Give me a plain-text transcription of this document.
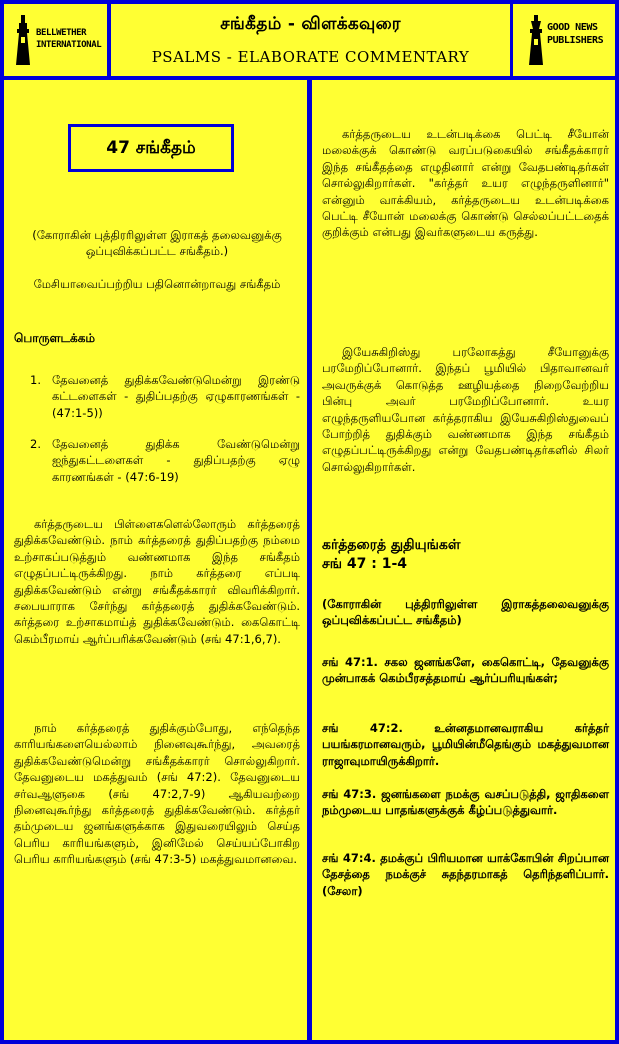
BELLWETHER
INTERNATIONAL
சங்கீதம் - விளக்கவுரை
PSALMS - ELABORATE COMMENTARY
GOOD NEWS
PUBLISHERS
47 சங்கீதம்
(கோராகின் புத்திரரிலுள்ள இராகத் தலைவனுக்கு ஒப்புவிக்கப்பட்ட சங்கீதம்.)
மேசியாவைப்பற்றிய பதினொன்றாவது சங்கீதம்
பொருளடக்கம்
1. தேவனைத் துதிக்கவேண்டுமென்று இரண்டு கட்டளைகள் - துதிப்பதற்கு ஏழுகாரணங்கள் - (47:1-5))
2. தேவனைத் துதிக்க வேண்டுமென்று ஐந்துகட்டளைகள் - துதிப்பதற்கு ஏழு காரணங்கள் - (47:6-19)
கர்த்தருடைய பிள்ளைகளெல்லோரும் கர்த்தரைத் துதிக்கவேண்டும். நாம் கர்த்தரைத் துதிப்பதற்கு நம்மை உற்சாகப்படுத்தும் வண்ணமாக இந்த சங்கீதம் எழுதப்பட்டிருக்கிறது. நாம் கர்த்தரை எப்படி துதிக்கவேண்டும் என்று சங்கீதக்காரர் விவரிக்கிறார். சபையாராக சேர்ந்து கர்த்தரைத் துதிக்கவேண்டும். கர்த்தரை உற்சாகமாய்த் துதிக்கவேண்டும். கைகொட்டி கெம்பீரமாய் ஆர்ப்பரிக்கவேண்டும் (சங் 47:1,6,7).
நாம் கர்த்தரைத் துதிக்கும்போது, எந்தெந்த காரியங்களையெல்லாம் நினைவுகூர்ந்து, அவரைத் துதிக்கவேண்டுமென்று சங்கீதக்காரர் சொல்லுகிறார். தேவனுடைய மகத்துவம் (சங் 47:2). தேவனுடைய சர்வஆளுகை (சங் 47:2,7-9) ஆகியவற்றை நினைவுகூர்ந்து கர்த்தரைத் துதிக்கவேண்டும். கர்த்தர் தம்முடைய ஜனங்களுக்காக இதுவரையிலும் செய்த பெரிய காரியங்களும், இனிமேல் செய்யப்போகிற பெரிய காரியங்களும் (சங் 47:3-5) மகத்துவமானவை.
கர்த்தருடைய உடன்படிக்கை பெட்டி சீயோன் மலைக்குக் கொண்டு வரப்படுகையில் சங்கீதக்காரர் இந்த சங்கீதத்தை எழுதினார் என்று வேதபண்டிதர்கள் சொல்லுகிறார்கள். "கர்த்தர் உயர எழுந்தருளினார்" என்னும் வாக்கியம், கர்த்தருடைய உடன்படிக்கை பெட்டி சீயோன் மலைக்கு கொண்டு செல்லப்பட்டதைக் குறிக்கும் என்பது இவர்களுடைய கருத்து.
இயேசுகிறிஸ்து பரலோகத்து சீயோனுக்கு பரமேறிப்போனார். இந்தப் பூமியில் பிதாவானவர் அவருக்குக் கொடுத்த ஊழியத்தை நிறைவேற்றிய பின்பு அவர் பரமேறிப்போனார். உயர எழுந்தருளியபோன கர்த்தராகிய இயேசுகிறிஸ்துவைப் போற்றித் துதிக்கும் வண்ணமாக இந்த சங்கீதம் எழுதப்பட்டிருக்கிறது என்று வேதபண்டிதர்களில் சிலர் சொல்லுகிறார்கள்.
கர்த்தரைத் துதியுங்கள்
சங் 47 : 1-4
(கோராகின் புத்திரரிலுள்ள இராகத்தலைவனுக்கு ஒப்புவிக்கப்பட்ட சங்கீதம்)
சங் 47:1. சகல ஜனங்களே, கைகொட்டி, தேவனுக்கு முன்பாகக் கெம்பீரசத்தமாய் ஆர்ப்பரியுங்கள்;
சங் 47:2. உன்னதமானவராகிய கர்த்தர் பயங்கரமானவரும், பூமியின்மீதெங்கும் மகத்துவமான ராஜாவுமாயிருக்கிறார்.
சங் 47:3. ஜனங்களை நமக்கு வசப்படுத்தி, ஜாதிகளை நம்முடைய பாதங்களுக்குக் கீழ்ப்படுத்துவார்.
சங் 47:4. தமக்குப் பிரியமான யாக்கோபின் சிறப்பான தேசத்தை நமக்குச் சுதந்தரமாகத் தெரிந்தளிப்பார். (சேலா)
